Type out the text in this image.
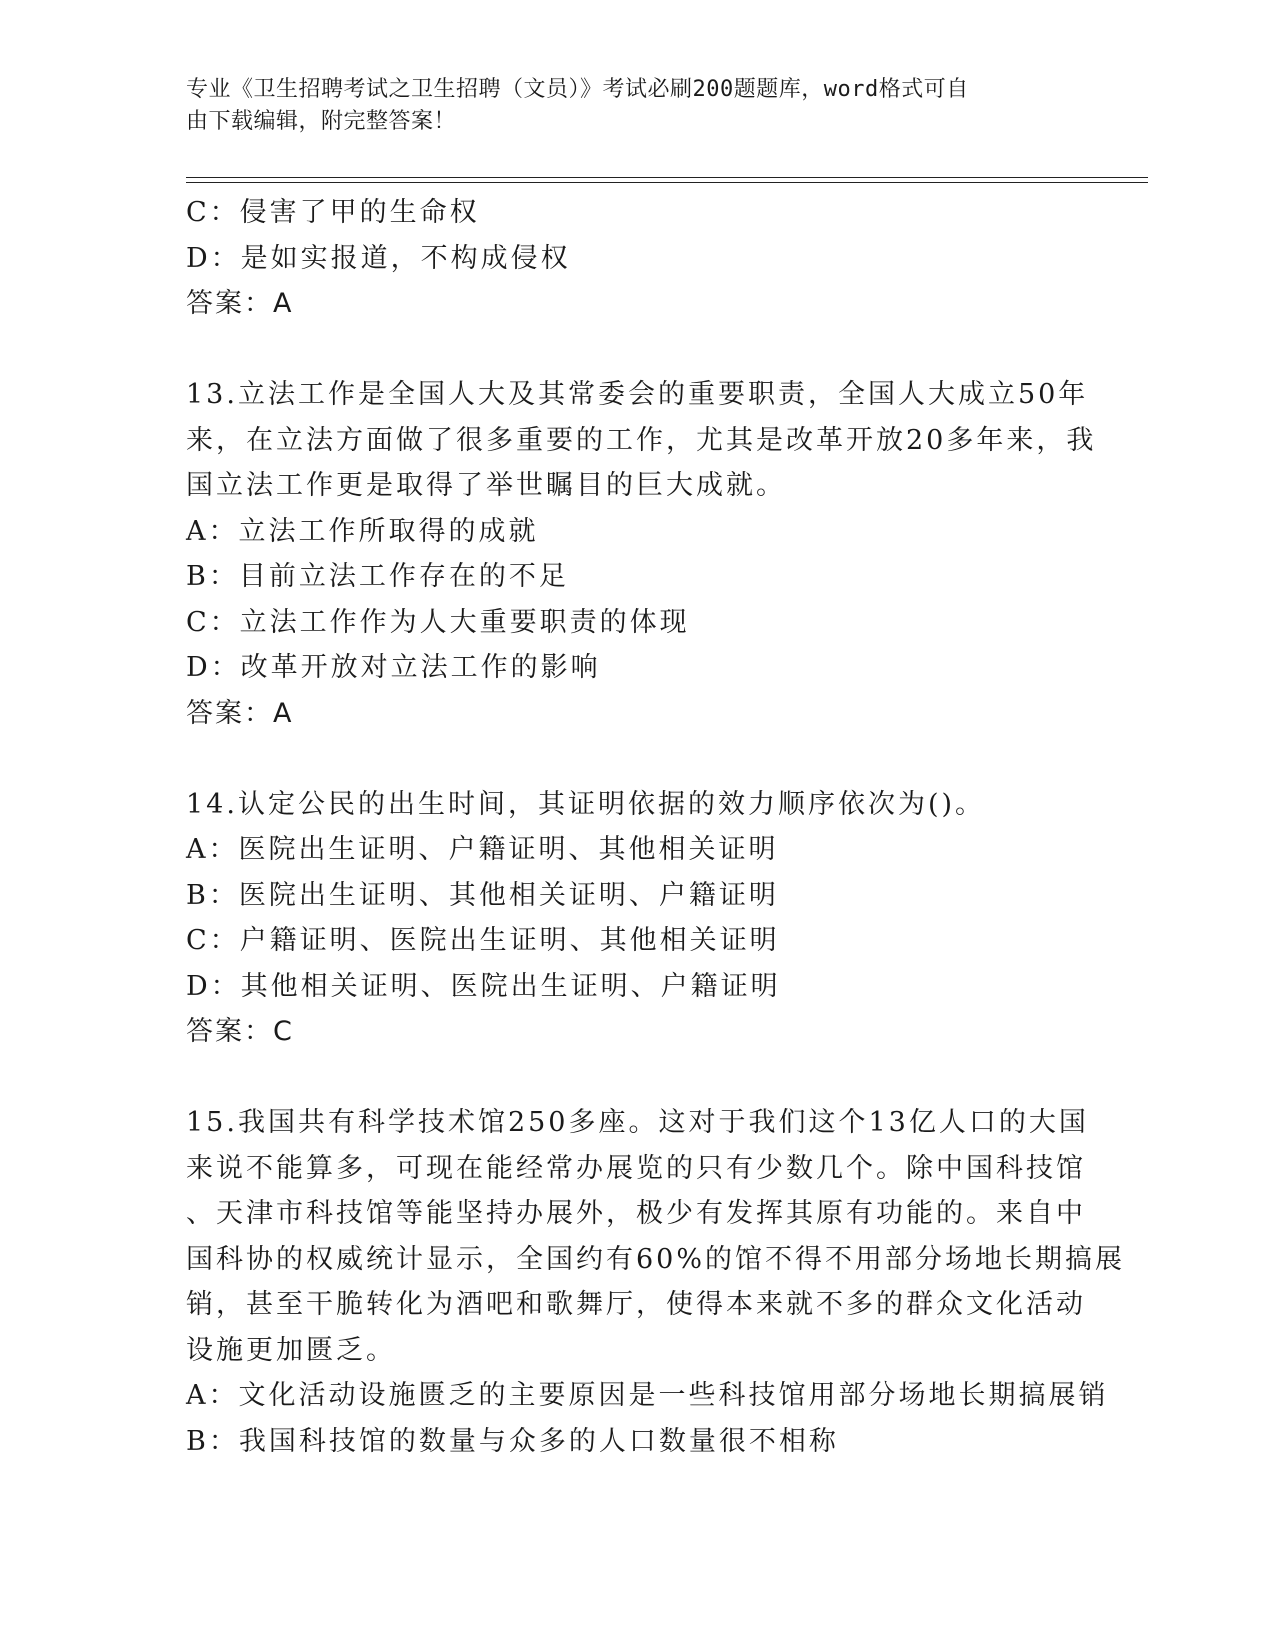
专业《卫生招聘考试之卫生招聘（文员）》考试必刷200题题库，word格式可自
由下载编辑，附完整答案！
C：侵害了甲的生命权
D：是如实报道，不构成侵权
答案：A
13.立法工作是全国人大及其常委会的重要职责，全国人大成立50年
来，在立法方面做了很多重要的工作，尤其是改革开放20多年来，我
国立法工作更是取得了举世瞩目的巨大成就。
A：立法工作所取得的成就
B：目前立法工作存在的不足
C：立法工作作为人大重要职责的体现
D：改革开放对立法工作的影响
答案：A
14.认定公民的出生时间，其证明依据的效力顺序依次为()。
A：医院出生证明、户籍证明、其他相关证明
B：医院出生证明、其他相关证明、户籍证明
C：户籍证明、医院出生证明、其他相关证明
D：其他相关证明、医院出生证明、户籍证明
答案：C
15.我国共有科学技术馆250多座。这对于我们这个13亿人口的大国
来说不能算多，可现在能经常办展览的只有少数几个。除中国科技馆
、天津市科技馆等能坚持办展外，极少有发挥其原有功能的。来自中
国科协的权威统计显示，全国约有60%的馆不得不用部分场地长期搞展
销，甚至干脆转化为酒吧和歌舞厅，使得本来就不多的群众文化活动
设施更加匮乏。
A：文化活动设施匮乏的主要原因是一些科技馆用部分场地长期搞展销
B：我国科技馆的数量与众多的人口数量很不相称
